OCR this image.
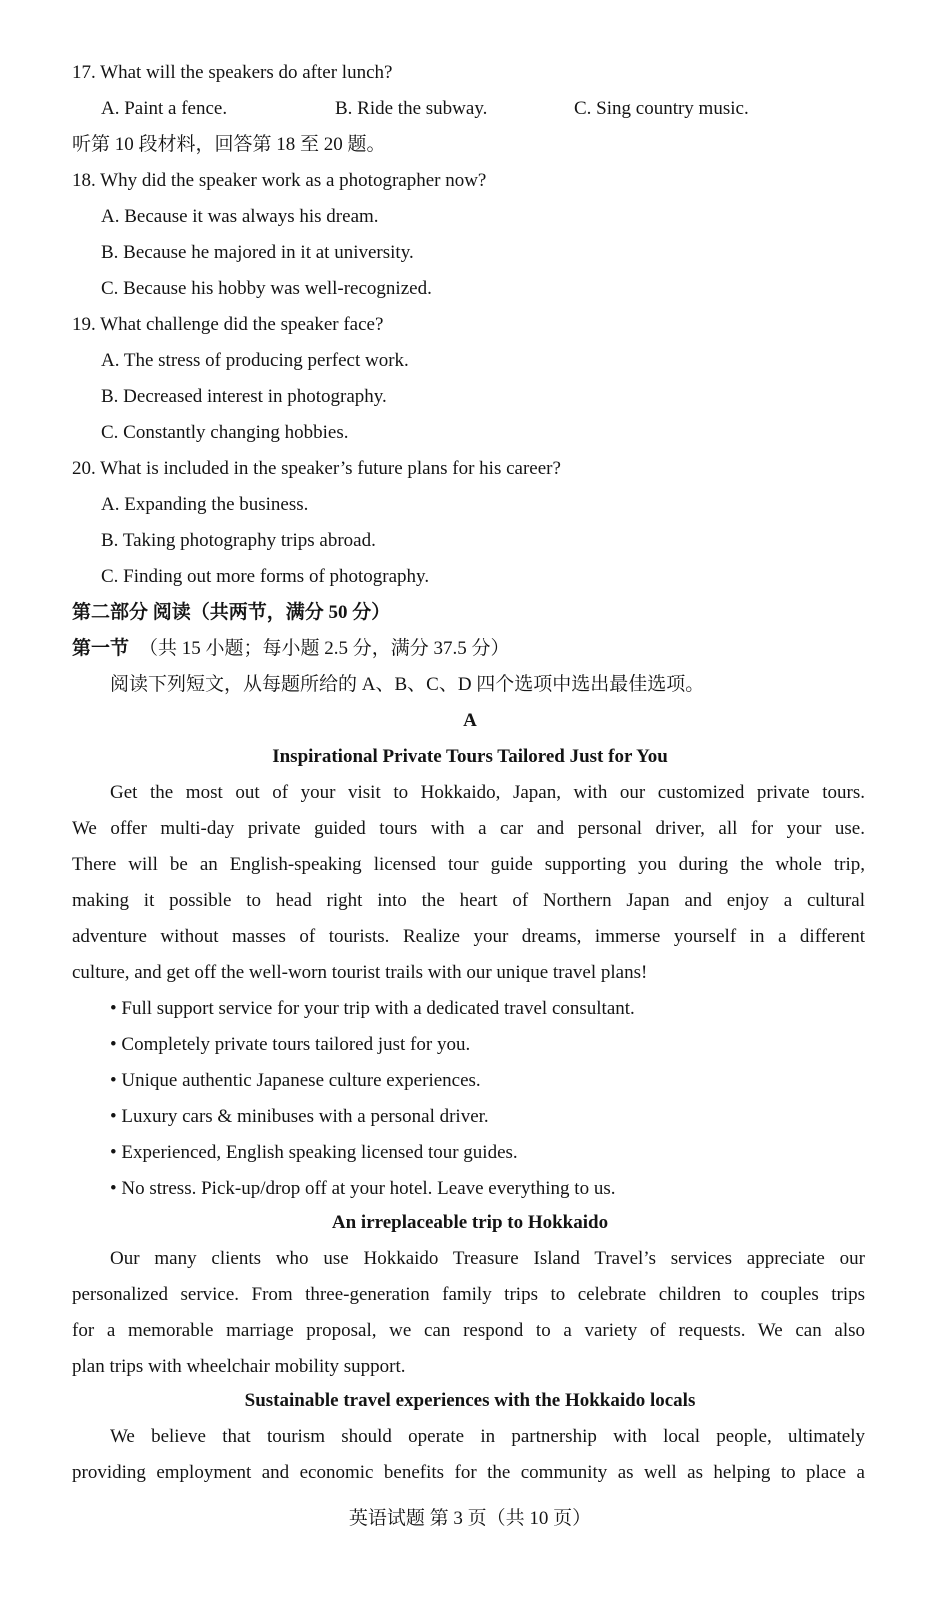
17. What will the speakers do after lunch?
A. Paint a fence.	B. Ride the subway.	C. Sing country music.
听第 10 段材料，回答第 18 至 20 题。
18. Why did the speaker work as a photographer now?
A. Because it was always his dream.
B. Because he majored in it at university.
C. Because his hobby was well-recognized.
19. What challenge did the speaker face?
A. The stress of producing perfect work.
B. Decreased interest in photography.
C. Constantly changing hobbies.
20. What is included in the speaker’s future plans for his career?
A. Expanding the business.
B. Taking photography trips abroad.
C. Finding out more forms of photography.
第二部分 阅读（共两节，满分 50 分）
第一节 （共 15 小题；每小题 2.5 分，满分 37.5 分）
阅读下列短文，从每题所给的 A、B、C、D 四个选项中选出最佳选项。
A
Inspirational Private Tours Tailored Just for You
Get the most out of your visit to Hokkaido, Japan, with our customized private tours.
We offer multi-day private guided tours with a car and personal driver, all for your use.
There will be an English-speaking licensed tour guide supporting you during the whole trip,
making it possible to head right into the heart of Northern Japan and enjoy a cultural
adventure without masses of tourists. Realize your dreams, immerse yourself in a different
culture, and get off the well-worn tourist trails with our unique travel plans!
• Full support service for your trip with a dedicated travel consultant.
• Completely private tours tailored just for you.
• Unique authentic Japanese culture experiences.
• Luxury cars & minibuses with a personal driver.
• Experienced, English speaking licensed tour guides.
• No stress. Pick-up/drop off at your hotel. Leave everything to us.
An irreplaceable trip to Hokkaido
Our many clients who use Hokkaido Treasure Island Travel’s services appreciate our
personalized service. From three-generation family trips to celebrate children to couples trips
for a memorable marriage proposal, we can respond to a variety of requests. We can also
plan trips with wheelchair mobility support.
Sustainable travel experiences with the Hokkaido locals
We believe that tourism should operate in partnership with local people, ultimately
providing employment and economic benefits for the community as well as helping to place a
英语试题 第 3 页（共 10 页）
